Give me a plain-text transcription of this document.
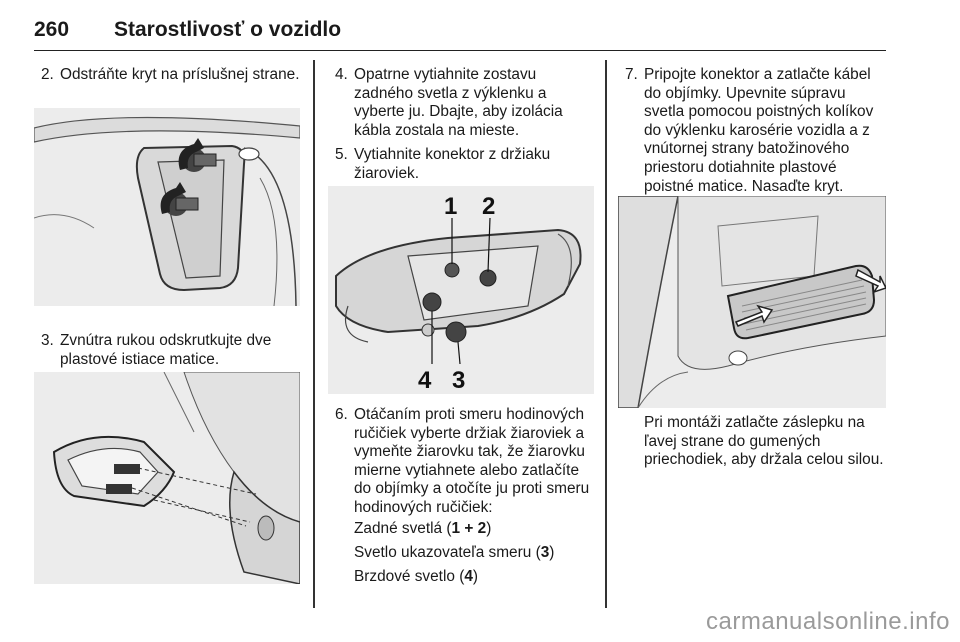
260 Starostlivosť o vozidlo
2. Odstráňte kryt na príslušnej strane.
3. Zvnútra rukou odskrutkujte dve plastové istiace matice.
4. Opatrne vytiahnite zostavu zadného svetla z výklenku a vyberte ju. Dbajte, aby izolácia kábla zostala na mieste.
5. Vytiahnite konektor z držiaku žiaroviek.
1 2
4 3
6. Otáčaním proti smeru hodinových ručičiek vyberte držiak žiaroviek a vymeňte žiarovku tak, že žiarovku mierne vytiahnete alebo zatlačíte do objímky a otočíte ju proti smeru hodinových ručičiek:
Zadné svetlá (1 + 2)
Svetlo ukazovateľa smeru (3)
Brzdové svetlo (4)
7. Pripojte konektor a zatlačte kábel do objímky. Upevnite súpravu svetla pomocou poistných kolíkov do výklenku karosérie vozidla a z vnútornej strany batožinového priestoru dotiahnite plastové poistné matice. Nasaďte kryt.
Pri montáži zatlačte záslepku na ľavej strane do gumených priechodiek, aby držala celou silou.
carmanualsonline.info
